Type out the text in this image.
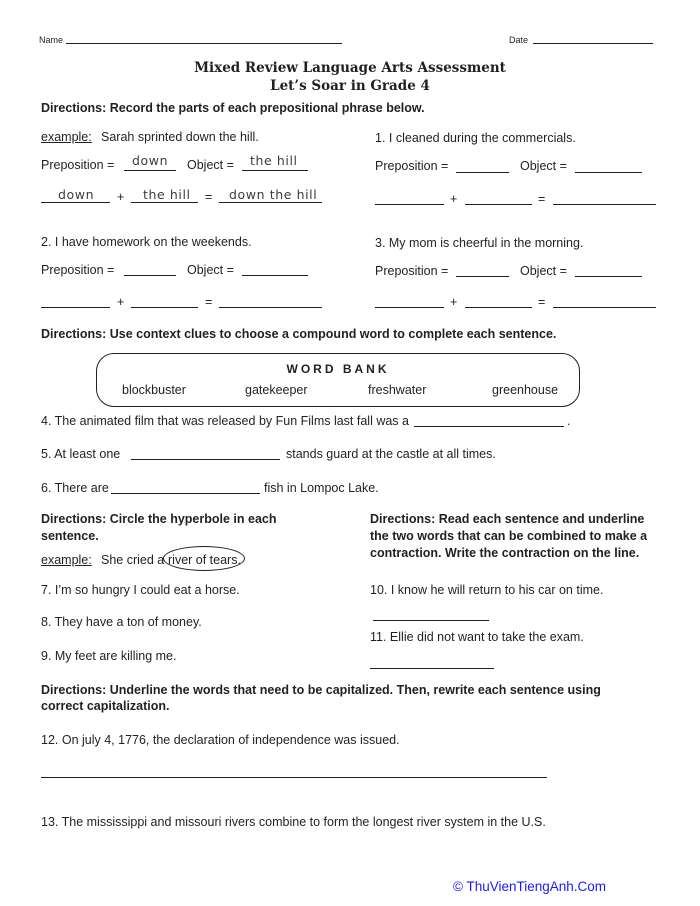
Name	Date
Mixed Review Language Arts Assessment
Let’s Soar in Grade 4
Directions: Record the parts of each prepositional phrase below.
example: Sarah sprinted down the hill.
Preposition = down Object = the hill
down + the hill = down the hill
1. I cleaned during the commercials.
Preposition =	Object =
+	=
2. I have homework on the weekends.
Preposition =	Object =
+	=
3. My mom is cheerful in the morning.
Preposition =	Object =
+	=
Directions: Use context clues to choose a compound word to complete each sentence.
WORD BANK
blockbuster	gatekeeper	freshwater	greenhouse
4. The animated film that was released by Fun Films last fall was a	.
5. At least one	stands guard at the castle at all times.
6. There are	fish in Lompoc Lake.
Directions: Circle the hyperbole in each
sentence.
example: She cried a river of tears.
7. I’m so hungry I could eat a horse.
8. They have a ton of money.
9. My feet are killing me.
Directions: Read each sentence and underline
the two words that can be combined to make a
contraction. Write the contraction on the line.
10. I know he will return to his car on time.
11. Ellie did not want to take the exam.
Directions: Underline the words that need to be capitalized. Then, rewrite each sentence using
correct capitalization.
12. On july 4, 1776, the declaration of independence was issued.
13. The mississippi and missouri rivers combine to form the longest river system in the U.S.
© ThuVienTiengAnh.Com
